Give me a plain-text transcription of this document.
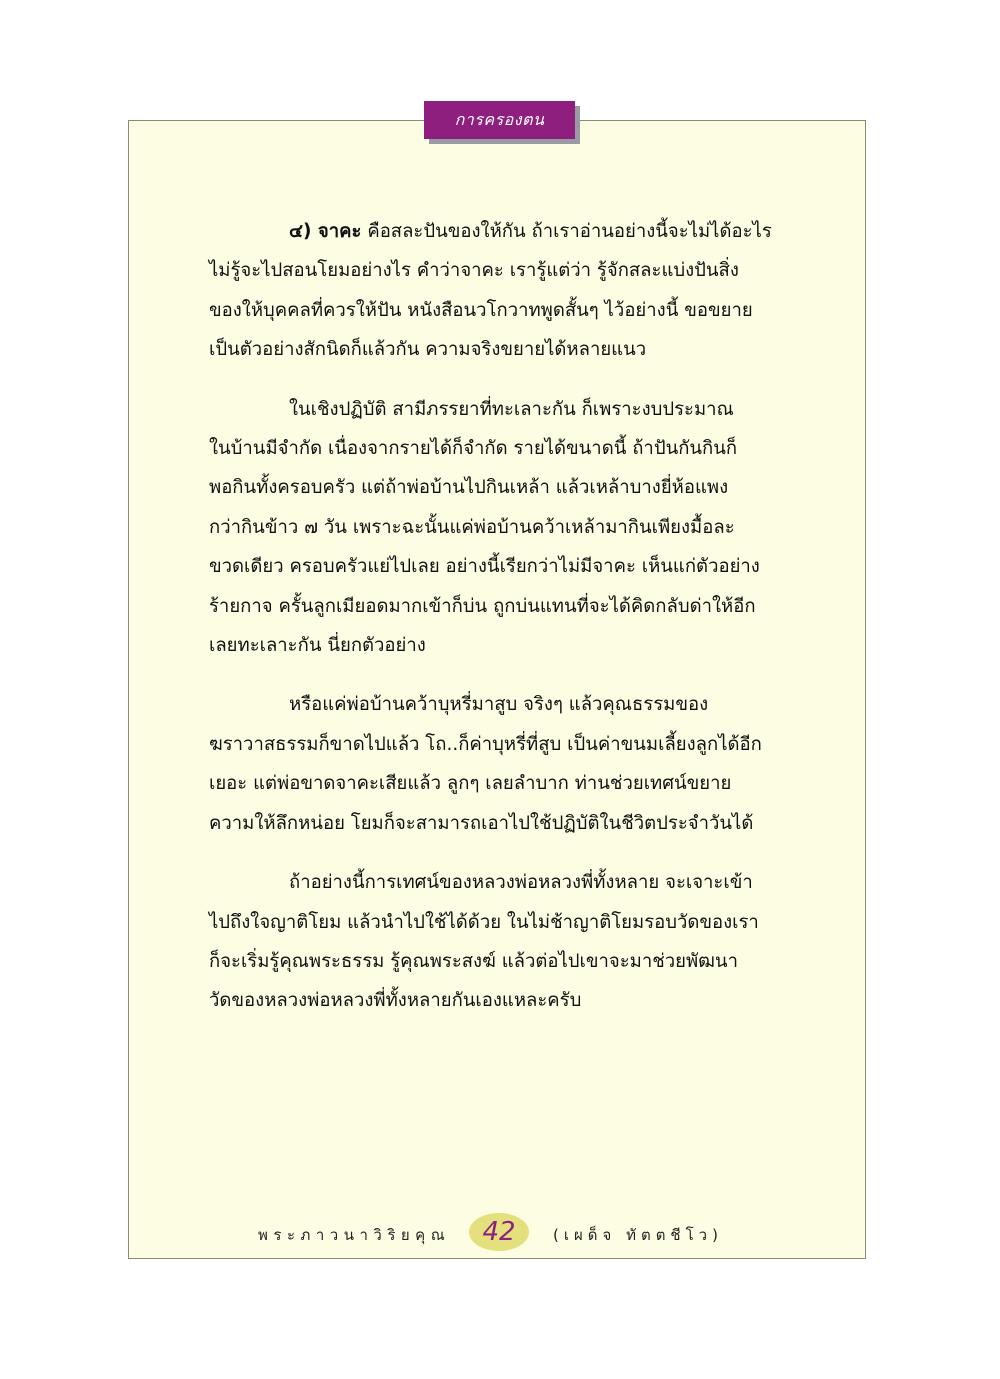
การครองตน

๔) จาคะ คือสละปันของให้กัน ถ้าเราอ่านอย่างนี้จะไม่ได้อะไร
ไม่รู้จะไปสอนโยมอย่างไร คำว่าจาคะ เรารู้แต่ว่า รู้จักสละแบ่งปันสิ่ง
ของให้บุคคลที่ควรให้ปัน หนังสือนวโกวาทพูดสั้นๆ ไว้อย่างนี้ ขอขยาย
เป็นตัวอย่างสักนิดก็แล้วกัน ความจริงขยายได้หลายแนว

ในเชิงปฏิบัติ สามีภรรยาที่ทะเลาะกัน ก็เพราะงบประมาณ
ในบ้านมีจำกัด เนื่องจากรายได้ก็จำกัด รายได้ขนาดนี้ ถ้าปันกันกินก็
พอกินทั้งครอบครัว แต่ถ้าพ่อบ้านไปกินเหล้า แล้วเหล้าบางยี่ห้อแพง
กว่ากินข้าว ๗ วัน เพราะฉะนั้นแค่พ่อบ้านคว้าเหล้ามากินเพียงมื้อละ
ขวดเดียว ครอบครัวแย่ไปเลย อย่างนี้เรียกว่าไม่มีจาคะ เห็นแก่ตัวอย่าง
ร้ายกาจ ครั้นลูกเมียอดมากเข้าก็บ่น ถูกบ่นแทนที่จะได้คิดกลับด่าให้อีก
เลยทะเลาะกัน นี่ยกตัวอย่าง

หรือแค่พ่อบ้านคว้าบุหรี่มาสูบ จริงๆ แล้วคุณธรรมของ
ฆราวาสธรรมก็ขาดไปแล้ว โถ..ก็ค่าบุหรี่ที่สูบ เป็นค่าขนมเลี้ยงลูกได้อีก
เยอะ แต่พ่อขาดจาคะเสียแล้ว ลูกๆ เลยลำบาก ท่านช่วยเทศน์ขยาย
ความให้ลึกหน่อย โยมก็จะสามารถเอาไปใช้ปฏิบัติในชีวิตประจำวันได้

ถ้าอย่างนี้การเทศน์ของหลวงพ่อหลวงพี่ทั้งหลาย จะเจาะเข้า
ไปถึงใจญาติโยม แล้วนำไปใช้ได้ด้วย ในไม่ช้าญาติโยมรอบวัดของเรา
ก็จะเริ่มรู้คุณพระธรรม รู้คุณพระสงฆ์ แล้วต่อไปเขาจะมาช่วยพัฒนา
วัดของหลวงพ่อหลวงพี่ทั้งหลายกันเองแหละครับ

พระภาวนาวิริยคุณ	42	(เผด็จ ทัตตชีโว)
